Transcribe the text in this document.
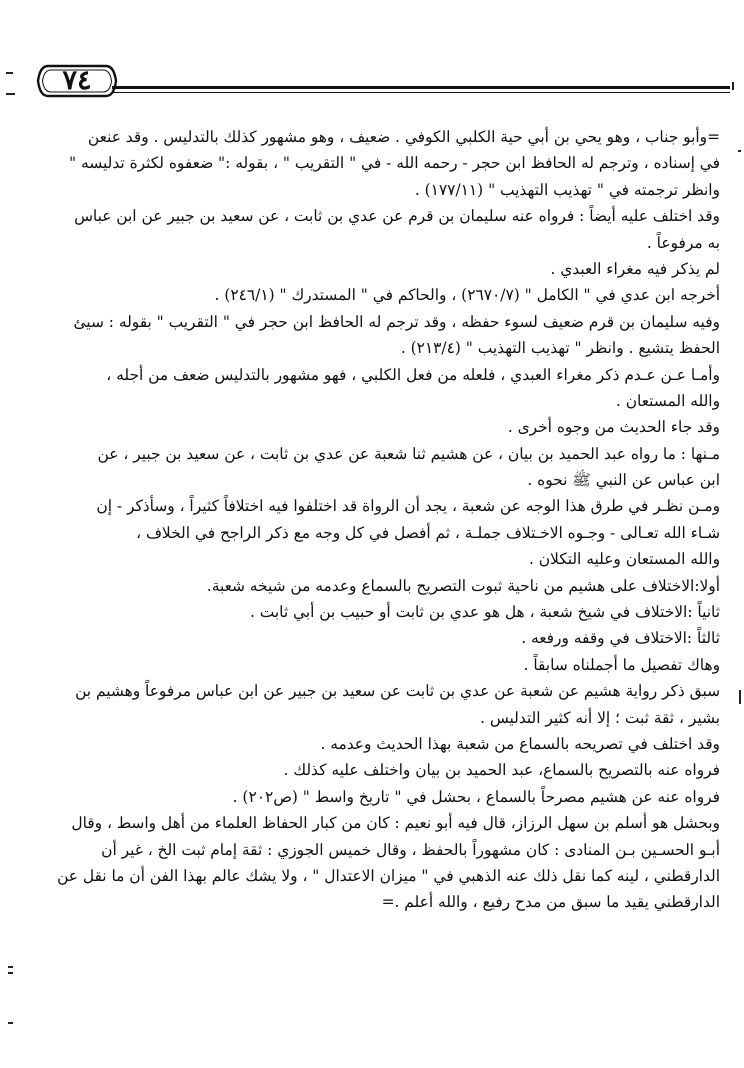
٧٤
=وأبو جناب ، وهو يحي بن أبي حية الكلبي الكوفي . ضعيف ، وهو مشهور كذلك بالتدليس . وقد عنعن
في إسناده ، وترجم له الحافظ ابن حجر - رحمه الله - في " التقريب " ، بقوله :" ضعفوه لكثرة تدليسه "
وانظر ترجمته في " تهذيب التهذيب " (١٧٧/١١) .
وقد اختلف عليه أيضاً : فرواه عنه سليمان بن قرم عن عدي بن ثابت ، عن سعيد بن جبير عن ابن عباس
به مرفوعاً .
لم يذكر فيه مغراء العبدي .
أخرجه ابن عدي في " الكامل " (٢٦٧٠/٧) ، والحاكم في " المستدرك " (٢٤٦/١) .
وفيه سليمان بن قرم ضعيف لسوء حفظه ، وقد ترجم له الحافظ ابن حجر في " التقريب " بقوله : سيئ
الحفظ يتشيع . وانظر " تهذيب التهذيب " (٢١٣/٤) .
وأمـا عـن عـدم ذكر مغراء العبدي ، فلعله من فعل الكلبي ، فهو مشهور بالتدليس ضعف من أجله ،
والله المستعان .
وقد جاء الحديث من وجوه أخرى .
مـنها : ما رواه عبد الحميد بن بيان ، عن هشيم ثنا شعبة عن عدي بن ثابت ، عن سعيد بن جبير ، عن
ابن عباس عن النبي ﷺ نحوه .
ومـن نظـر في طرق هذا الوجه عن شعبة ، يجد أن الرواة قد اختلفوا فيه اختلافاً كثيراً ، وسأذكر - إن
شـاء الله تعـالى - وجـوه الاخـتلاف جملـة ، ثم أفصل في كل وجه مع ذكر الراجح في الخلاف ،
والله المستعان وعليه التكلان .
أولا:الاختلاف على هشيم من ناحية ثبوت التصريح بالسماع وعدمه من شيخه شعبة.
ثانياً :الاختلاف في شيخ شعبة ، هل هو عدي بن ثابت أو حبيب بن أبي ثابت .
ثالثاً :الاختلاف في وقفه ورفعه .
وهاك تفصيل ما أجملناه سابقاً .
سبق ذكر رواية هشيم عن شعبة عن عدي بن ثابت عن سعيد بن جبير عن ابن عباس مرفوعاً وهشيم بن
بشير ، ثقة ثبت ؛ إلا أنه كثير التدليس .
وقد اختلف في تصريحه بالسماع من شعبة بهذا الحديث وعدمه .
فرواه عنه بالتصريح بالسماع، عبد الحميد بن بيان واختلف عليه كذلك .
فرواه عنه عن هشيم مصرحاً بالسماع ، بحشل في " تاريخ واسط " (ص٢٠٢) .
وبحشل هو أسلم بن سهل الرزاز، قال فيه أبو نعيم : كان من كبار الحفاظ العلماء من أهل واسط ، وقال
أبـو الحسـين بـن المنادى : كان مشهوراً بالحفظ ، وقال خميس الجوزي : ثقة إمام ثبت الخ ، غير أن
الدارقطني ، لينه كما نقل ذلك عنه الذهبي في " ميزان الاعتدال " ، ولا يشك عالم بهذا الفن أن ما نقل عن
الدارقطني يقيد ما سبق من مدح رفيع ، والله أعلم .=
